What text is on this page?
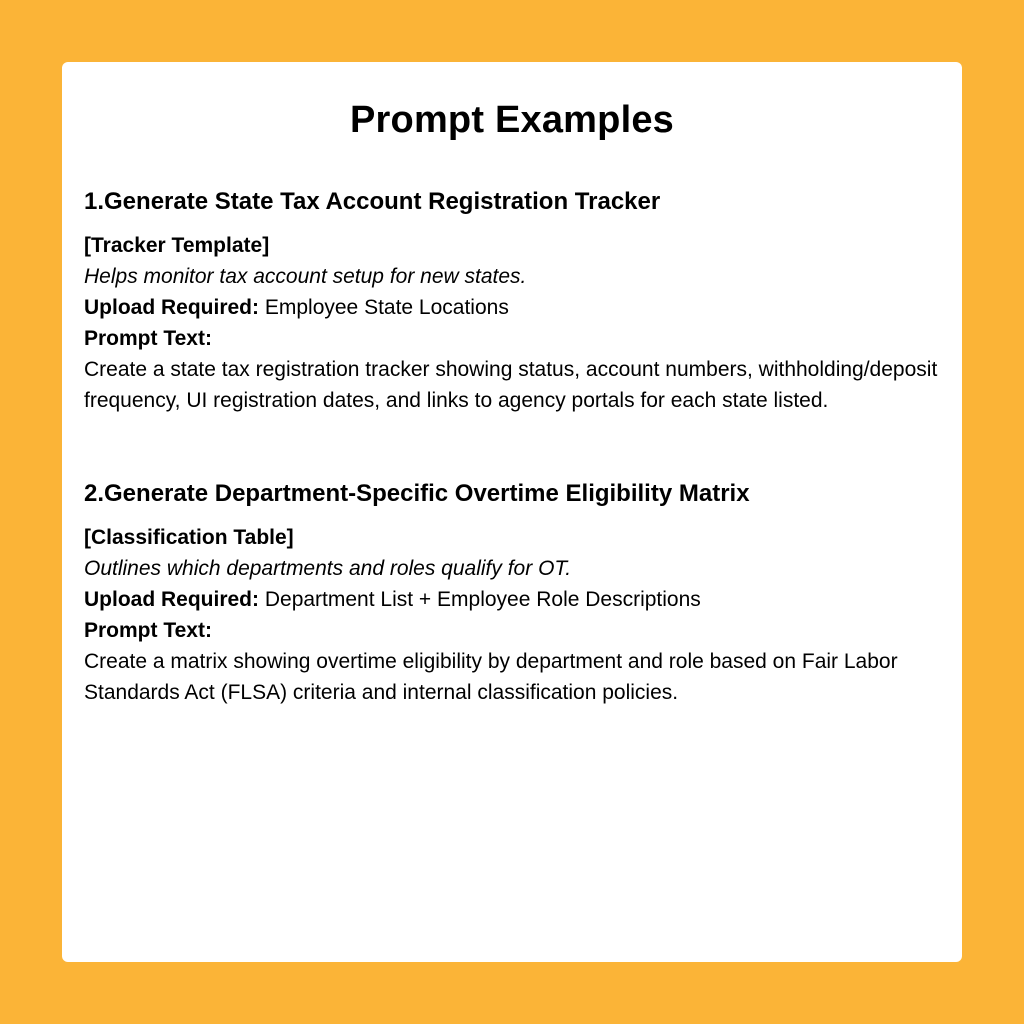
Prompt Examples
1.Generate State Tax Account Registration Tracker

[Tracker Template]

Helps monitor tax account setup for new states.

Upload Required: Employee State Locations

Prompt Text:

Create a state tax registration tracker showing status, account numbers, withholding/deposit frequency, UI registration dates, and links to agency portals for each state listed.

2.Generate Department-Specific Overtime Eligibility Matrix

[Classification Table]

Outlines which departments and roles qualify for OT.

Upload Required: Department List + Employee Role Descriptions

Prompt Text:

Create a matrix showing overtime eligibility by department and role based on Fair Labor Standards Act (FLSA) criteria and internal classification policies.
